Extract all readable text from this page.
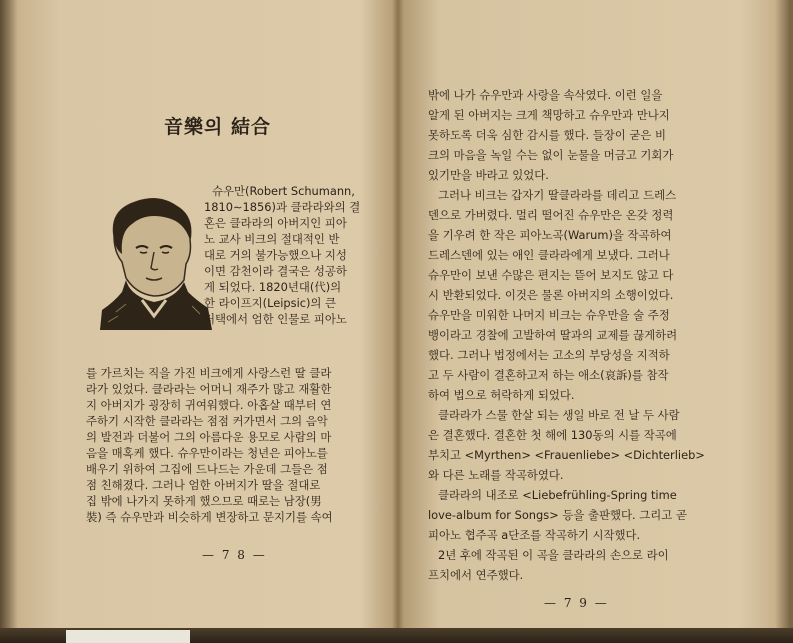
音樂의 結合
슈우만(Robert Schumann,
1810∼1856)과 클라라와의 결
혼은 클라라의 아버지인 피아
노 교사 비크의 절대적인 반
대로 거의 불가능했으나 지성
이면 감천이라 결국은 성공하
게 되었다. 1820년대(代)의
한 라이프지(Leipsic)의 큰
저택에서 엄한 인물로 피아노
를 가르치는 직을 가진 비크에게 사랑스런 딸 클라
라가 있었다. 클라라는 어머니 재주가 많고 재활한
지 아버지가 굉장히 귀여워했다. 아홉살 때부터 연
주하기 시작한 클라라는 점점 커가면서 그의 음악
의 발전과 더불어 그의 아름다운 용모로 사람의 마
음을 매혹케 했다. 슈우만이라는 청년은 피아노를
배우기 위하여 그집에 드나드는 가운데 그들은 점
점 친해졌다. 그러나 엄한 아버지가 딸을 절대로
집 밖에 나가지 못하게 했으므로 때로는 남장(男
裝) 즉 슈우만과 비슷하게 변장하고 문지기를 속여
— 7 8 —
밖에 나가 슈우만과 사랑을 속삭였다. 이런 일을
알게 된 아버지는 크게 책망하고 슈우만과 만나지
못하도록 더욱 심한 감시를 했다. 들장이 굳은 비
크의 마음을 녹일 수는 없이 눈물을 머금고 기회가
있기만을 바라고 있었다.
그러나 비크는 갑자기 딸클라라를 데리고 드레스
덴으로 가버렸다. 멀리 떨어진 슈우만은 온갖 정력
을 기우려 한 작은 피아노곡(Warum)을 작곡하여
드레스덴에 있는 애인 클라라에게 보냈다. 그러나
슈우만이 보낸 수많은 편지는 뜯어 보지도 않고 다
시 반환되었다. 이것은 물론 아버지의 소행이었다.
슈우만을 미워한 나머지 비크는 슈우만을 술 주정
뱅이라고 경찰에 고발하여 딸과의 교제를 끊게하려
했다. 그러나 법정에서는 고소의 부당성을 지적하
고 두 사람이 결혼하고저 하는 애소(哀訴)를 참작
하여 법으로 허락하게 되었다.
클라라가 스물 한살 되는 생일 바로 전 날 두 사람
은 결혼했다. 결혼한 첫 해에 130동의 시를 작곡에
부치고 <Myrthen> <Frauenliebe> <Dichterlieb>
와 다른 노래를 작곡하였다.
클라라의 내조로 <Liebefrühling-Spring time
love-album for Songs> 등을 출판했다. 그리고 곧
피아노 협주곡 a단조를 작곡하기 시작했다.
2년 후에 작곡된 이 곡을 클라라의 손으로 라이
프치에서 연주했다.
— 7 9 —
